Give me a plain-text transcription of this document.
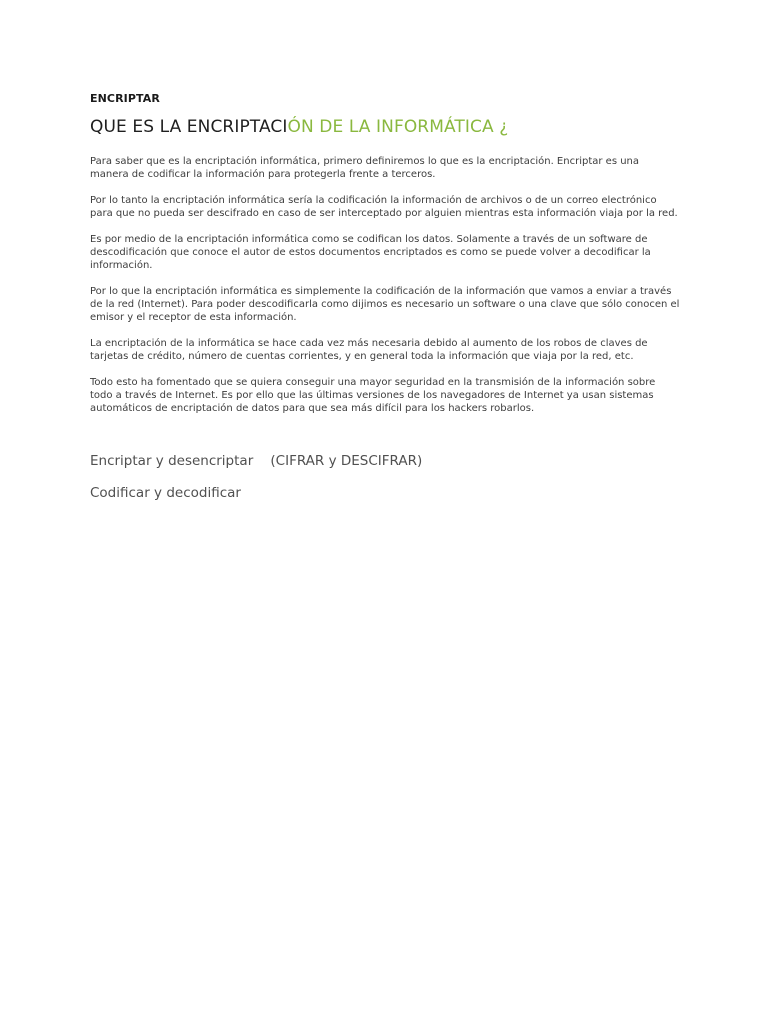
ENCRIPTAR
QUE ES LA ENCRIPTACIÓN DE LA INFORMÁTICA ¿

Para saber que es la encriptación informática, primero definiremos lo que es la encriptación. Encriptar es una manera de codificar la información para protegerla frente a terceros.

Por lo tanto la encriptación informática sería la codificación la información de archivos o de un correo electrónico para que no pueda ser descifrado en caso de ser interceptado por alguien mientras esta información viaja por la red.

Es por medio de la encriptación informática como se codifican los datos. Solamente a través de un software de descodificación que conoce el autor de estos documentos encriptados es como se puede volver a decodificar la información.

Por lo que la encriptación informática es simplemente la codificación de la información que vamos a enviar a través de la red (Internet). Para poder descodificarla como dijimos es necesario un software o una clave que sólo conocen el emisor y el receptor de esta información.

La encriptación de la informática se hace cada vez más necesaria debido al aumento de los robos de claves de tarjetas de crédito, número de cuentas corrientes, y en general toda la información que viaja por la red, etc.

Todo esto ha fomentado que se quiera conseguir una mayor seguridad en la transmisión de la información sobre todo a través de Internet. Es por ello que las últimas versiones de los navegadores de Internet ya usan sistemas automáticos de encriptación de datos para que sea más difícil para los hackers robarlos.

Encriptar y desencriptar    (CIFRAR y DESCIFRAR)

Codificar y decodificar
